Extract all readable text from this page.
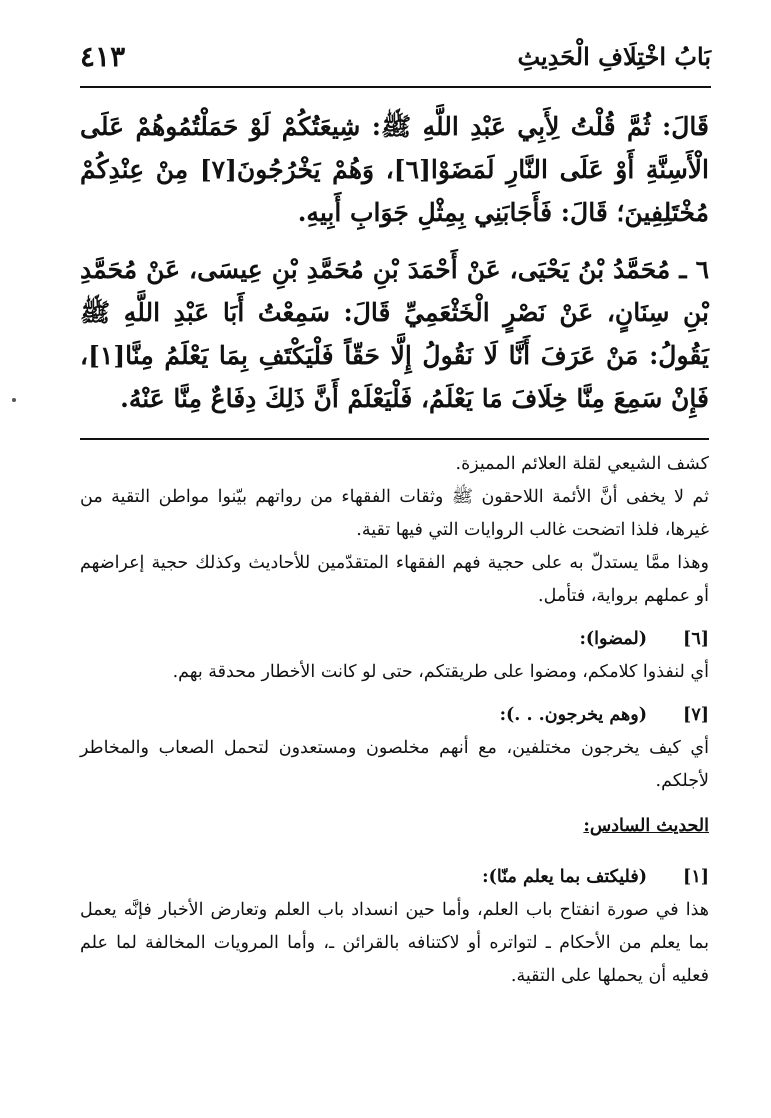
بَابُ اخْتِلَافِ الْحَدِيثِ
٤١٣

قَالَ: ثُمَّ قُلْتُ لِأَبِي عَبْدِ اللَّهِ ﷺ: شِيعَتُكُمْ لَوْ حَمَلْتُمُوهُمْ عَلَى الْأَسِنَّةِ أَوْ عَلَى النَّارِ لَمَضَوْا[٦]، وَهُمْ يَخْرُجُونَ[٧] مِنْ عِنْدِكُمْ مُخْتَلِفِينَ؛ قَالَ: فَأَجَابَنِي بِمِثْلِ جَوَابِ أَبِيهِ.

٦ ـ مُحَمَّدُ بْنُ يَحْيَى، عَنْ أَحْمَدَ بْنِ مُحَمَّدِ بْنِ عِيسَى، عَنْ مُحَمَّدِ بْنِ سِنَانٍ، عَنْ نَصْرٍ الْخَثْعَمِيِّ قَالَ: سَمِعْتُ أَبَا عَبْدِ اللَّهِ ﷺ يَقُولُ: مَنْ عَرَفَ أَنَّا لَا نَقُولُ إِلَّا حَقّاً فَلْيَكْتَفِ بِمَا يَعْلَمُ مِنَّا[١]، فَإِنْ سَمِعَ مِنَّا خِلَافَ مَا يَعْلَمُ، فَلْيَعْلَمْ أَنَّ ذَلِكَ دِفَاعٌ مِنَّا عَنْهُ.

كشف الشيعي لقلة العلائم المميزة.

ثم لا يخفى أنَّ الأئمة اللاحقون ﷺ وثقات الفقهاء من رواتهم بيّنوا مواطن التقية من غيرها، فلذا اتضحت غالب الروايات التي فيها تقية.

وهذا ممَّا يستدلّ به على حجية فهم الفقهاء المتقدّمين للأحاديث وكذلك حجية إعراضهم أو عملهم برواية، فتأمل.

[٦]
(لمضوا):

أي لنفذوا كلامكم، ومضوا على طريقتكم، حتى لو كانت الأخطار محدقة بهم.

[٧]
(وهم يخرجون. . .):

أي كيف يخرجون مختلفين، مع أنهم مخلصون ومستعدون لتحمل الصعاب والمخاطر لأجلكم.

الحديث السادس:
[١]
(فليكتف بما يعلم منّا):

هذا في صورة انفتاح باب العلم، وأما حين انسداد باب العلم وتعارض الأخبار فإنَّه يعمل بما يعلم من الأحكام ـ لتواتره أو لاكتنافه بالقرائن ـ، وأما المرويات المخالفة لما علم فعليه أن يحملها على التقية.
